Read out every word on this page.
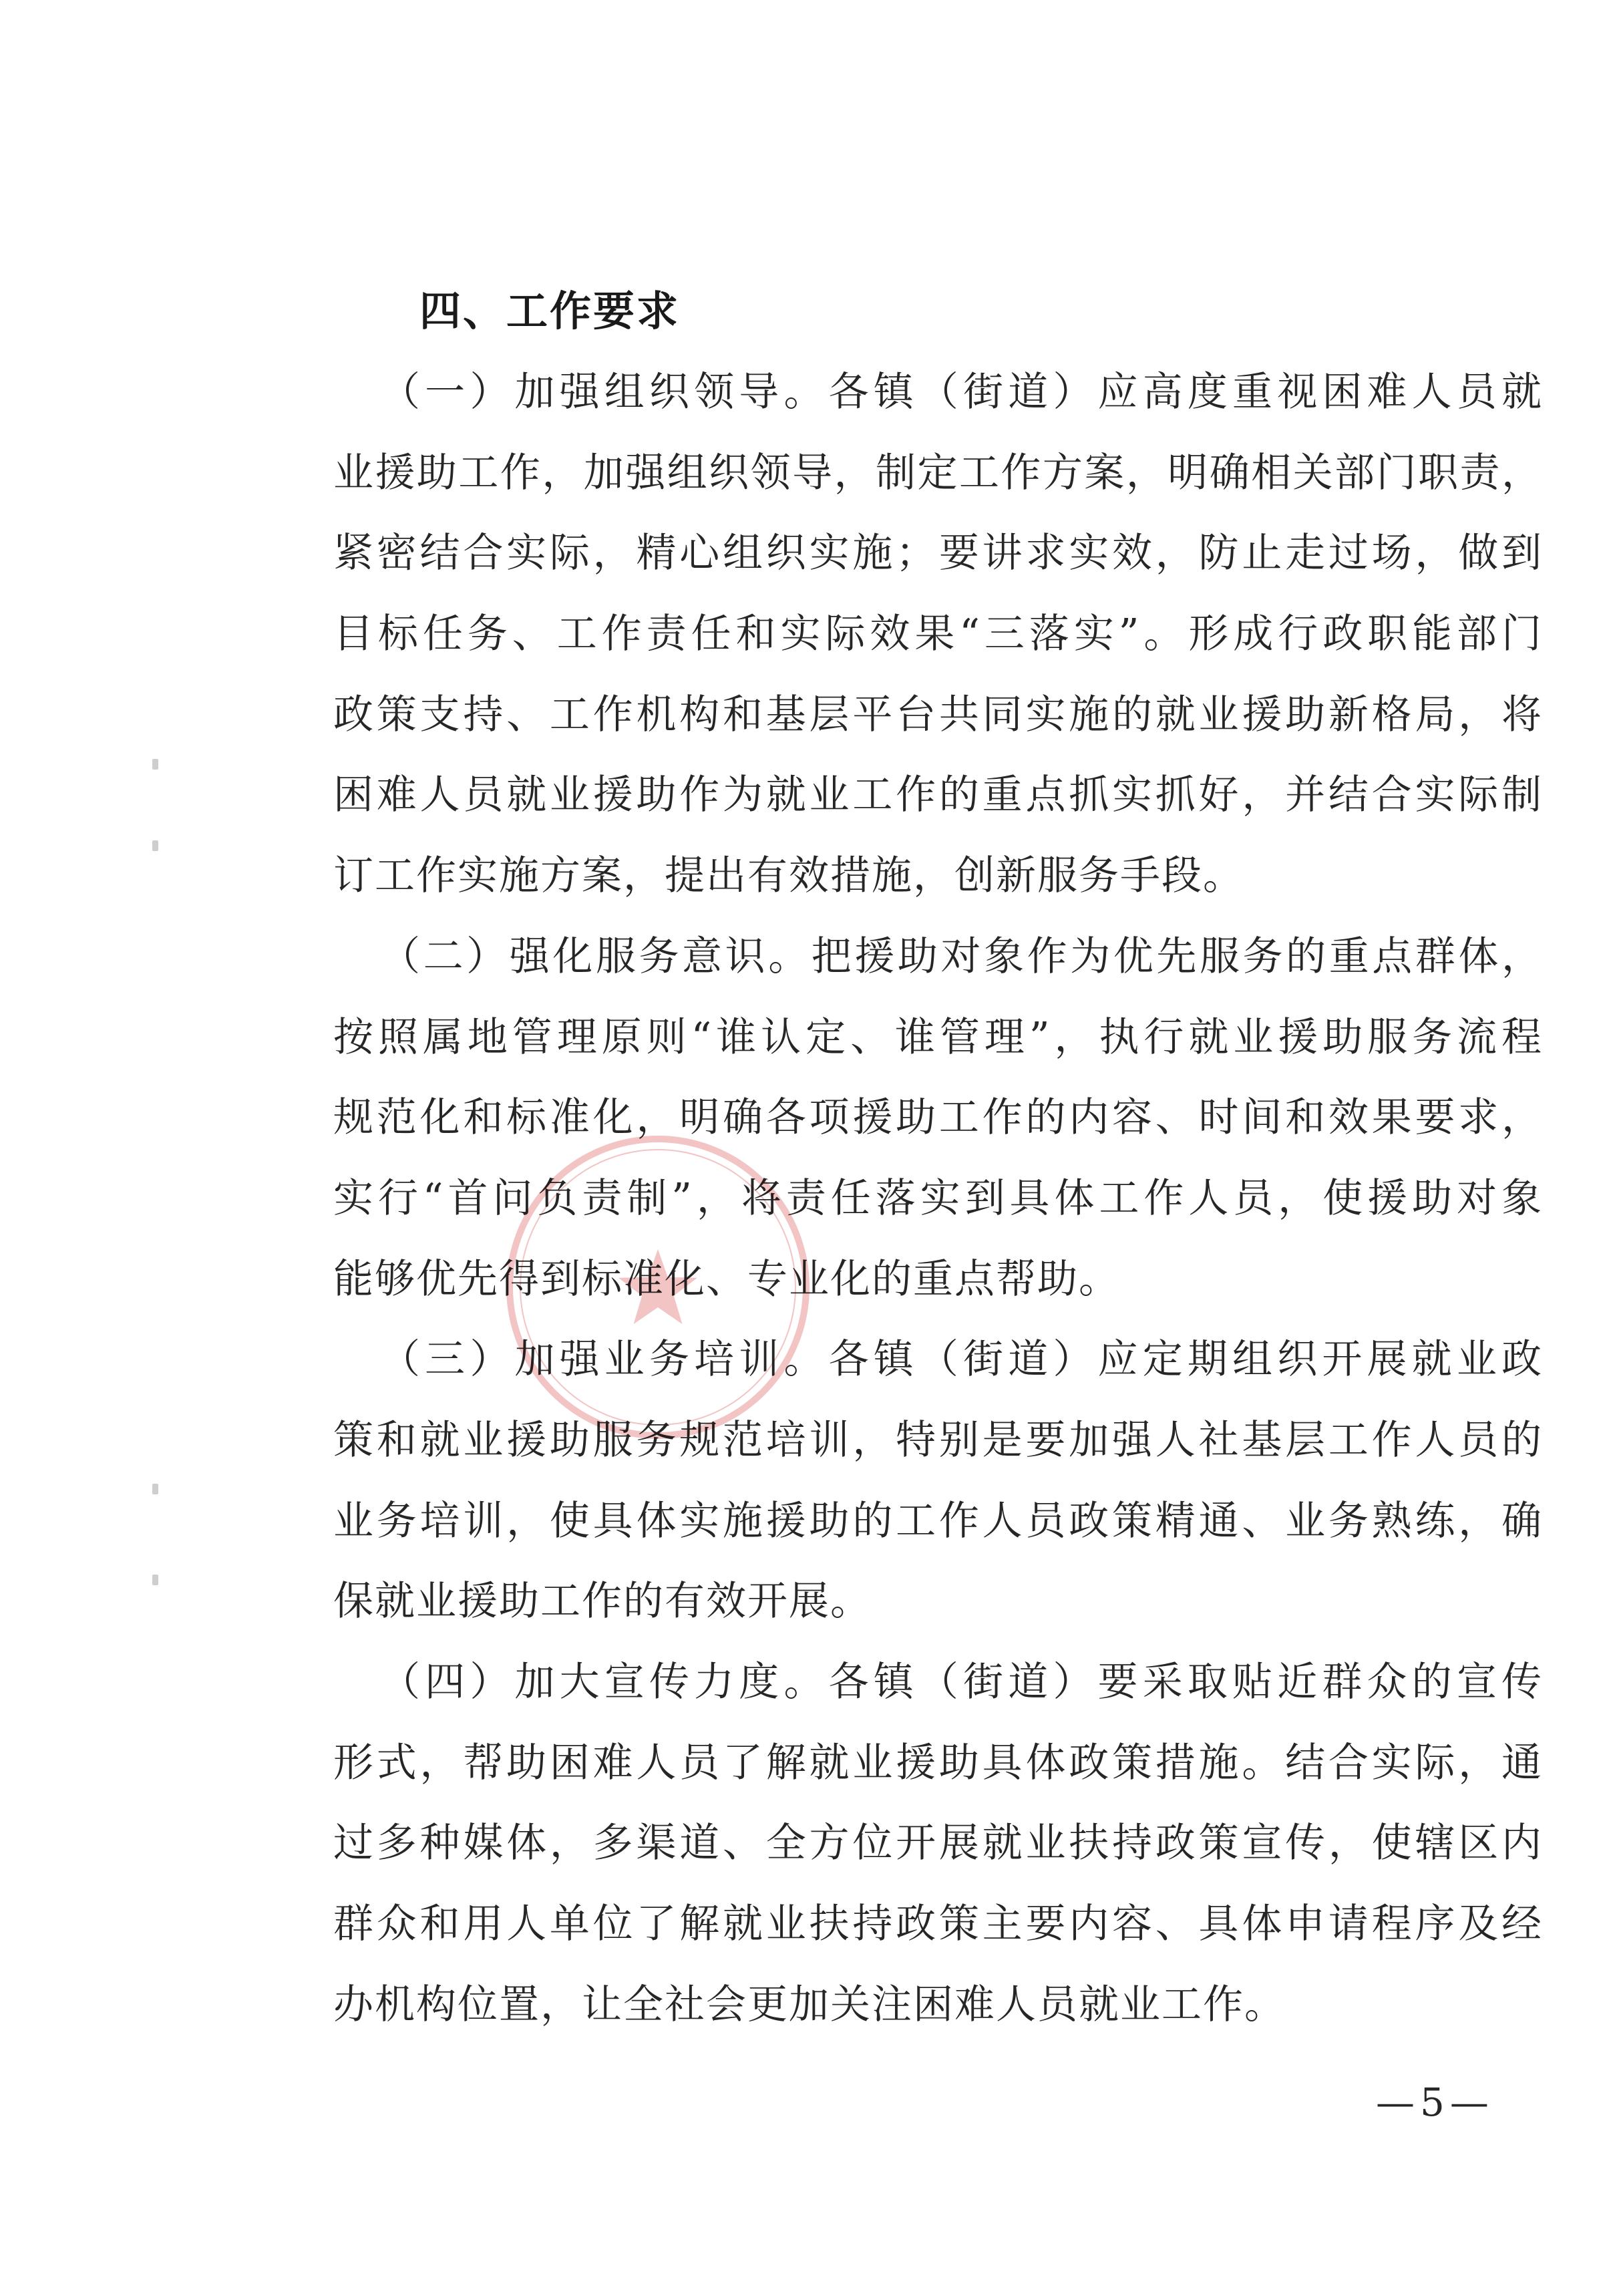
四、工作要求
（一）加强组织领导。各镇（街道）应高度重视困难人员就
业援助工作，加强组织领导，制定工作方案，明确相关部门职责，
紧密结合实际，精心组织实施；要讲求实效，防止走过场，做到
目标任务、工作责任和实际效果“三落实”。形成行政职能部门
政策支持、工作机构和基层平台共同实施的就业援助新格局，将
困难人员就业援助作为就业工作的重点抓实抓好，并结合实际制
订工作实施方案，提出有效措施，创新服务手段。
（二）强化服务意识。把援助对象作为优先服务的重点群体，
按照属地管理原则“谁认定、谁管理”，执行就业援助服务流程
规范化和标准化，明确各项援助工作的内容、时间和效果要求，
实行“首问负责制”，将责任落实到具体工作人员，使援助对象
能够优先得到标准化、专业化的重点帮助。
（三）加强业务培训。各镇（街道）应定期组织开展就业政
策和就业援助服务规范培训，特别是要加强人社基层工作人员的
业务培训，使具体实施援助的工作人员政策精通、业务熟练，确
保就业援助工作的有效开展。
（四）加大宣传力度。各镇（街道）要采取贴近群众的宣传
形式，帮助困难人员了解就业援助具体政策措施。结合实际，通
过多种媒体，多渠道、全方位开展就业扶持政策宣传，使辖区内
群众和用人单位了解就业扶持政策主要内容、具体申请程序及经
办机构位置，让全社会更加关注困难人员就业工作。
—5—
